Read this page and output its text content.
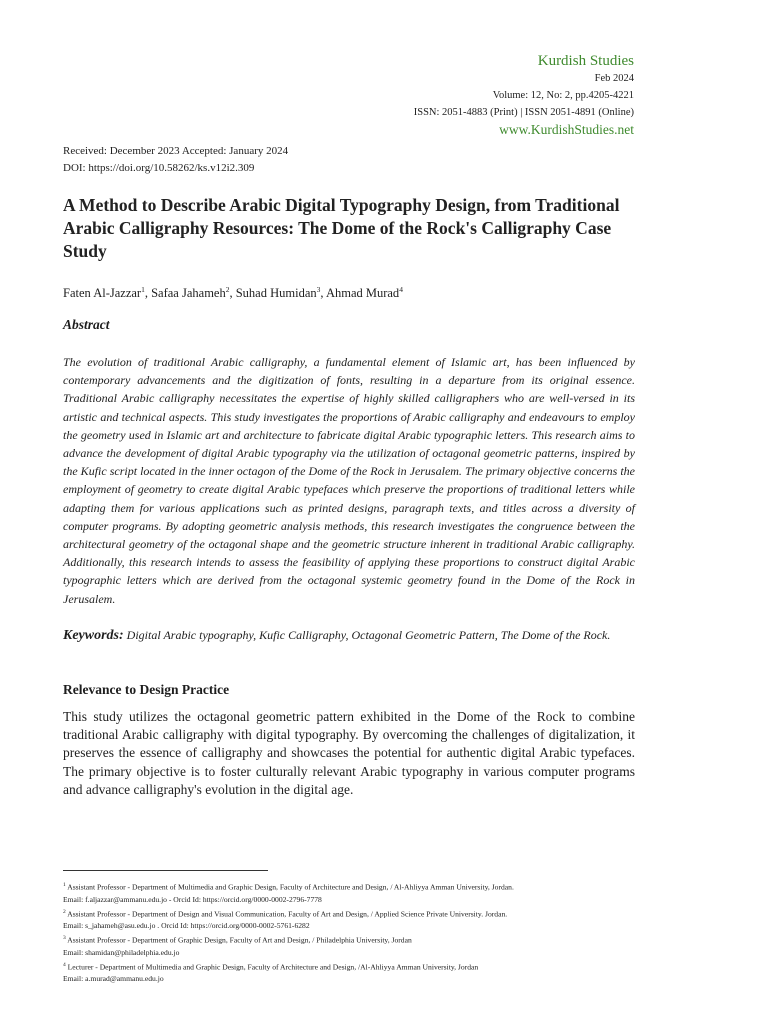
Kurdish Studies
Feb 2024
Volume: 12, No: 2, pp.4205-4221
ISSN: 2051-4883 (Print) | ISSN 2051-4891 (Online)
www.KurdishStudies.net
Received: December 2023 Accepted: January 2024
DOI: https://doi.org/10.58262/ks.v12i2.309
A Method to Describe Arabic Digital Typography Design, from Traditional Arabic Calligraphy Resources: The Dome of the Rock's Calligraphy Case Study
Faten Al-Jazzar$^1$, Safaa Jahameh$^2$, Suhad Humidan$^3$, Ahmad Murad$^4$
Abstract

The evolution of traditional Arabic calligraphy, a fundamental element of Islamic art, has been influenced by contemporary advancements and the digitization of fonts, resulting in a departure from its original essence. Traditional Arabic calligraphy necessitates the expertise of highly skilled calligraphers who are well-versed in its artistic and technical aspects. This study investigates the proportions of Arabic calligraphy and endeavours to employ the geometry used in Islamic art and architecture to fabricate digital Arabic typographic letters. This research aims to advance the development of digital Arabic typography via the utilization of octagonal geometric patterns, inspired by the Kufic script located in the inner octagon of the Dome of the Rock in Jerusalem. The primary objective concerns the employment of geometry to create digital Arabic typefaces which preserve the proportions of traditional letters while adapting them for various applications such as printed designs, paragraph texts, and titles across a diversity of computer programs. By adopting geometric analysis methods, this research investigates the congruence between the architectural geometry of the octagonal shape and the geometric structure inherent in traditional Arabic calligraphy. Additionally, this research intends to assess the feasibility of applying these proportions to construct digital Arabic typographic letters which are derived from the octagonal systemic geometry found in the Dome of the Rock in Jerusalem.

Keywords: Digital Arabic typography, Kufic Calligraphy, Octagonal Geometric Pattern, The Dome of the Rock.

Relevance to Design Practice

This study utilizes the octagonal geometric pattern exhibited in the Dome of the Rock to combine traditional Arabic calligraphy with digital typography. By overcoming the challenges of digitalization, it preserves the essence of calligraphy and showcases the potential for authentic digital Arabic typefaces. The primary objective is to foster culturally relevant Arabic typography in various computer programs and advance calligraphy's evolution in the digital age.

$^1$ Assistant Professor - Department of Multimedia and Graphic Design, Faculty of Architecture and Design, / Al-Ahliyya Amman University, Jordan.
Email: f.aljazzar@ammanu.edu.jo - Orcid Id: https://orcid.org/0000-0002-2796-7778
$^2$ Assistant Professor - Department of Design and Visual Communication, Faculty of Art and Design, / Applied Science Private University. Jordan.
Email: s_jahameh@asu.edu.jo . Orcid Id: https://orcid.org/0000-0002-5761-6282
$^3$ Assistant Professor - Department of Graphic Design, Faculty of Art and Design, / Philadelphia University, Jordan
Email: shamidan@philadelphia.edu.jo
$^4$ Lecturer - Department of Multimedia and Graphic Design, Faculty of Architecture and Design, /Al-Ahliyya Amman University, Jordan
Email: a.murad@ammanu.edu.jo
